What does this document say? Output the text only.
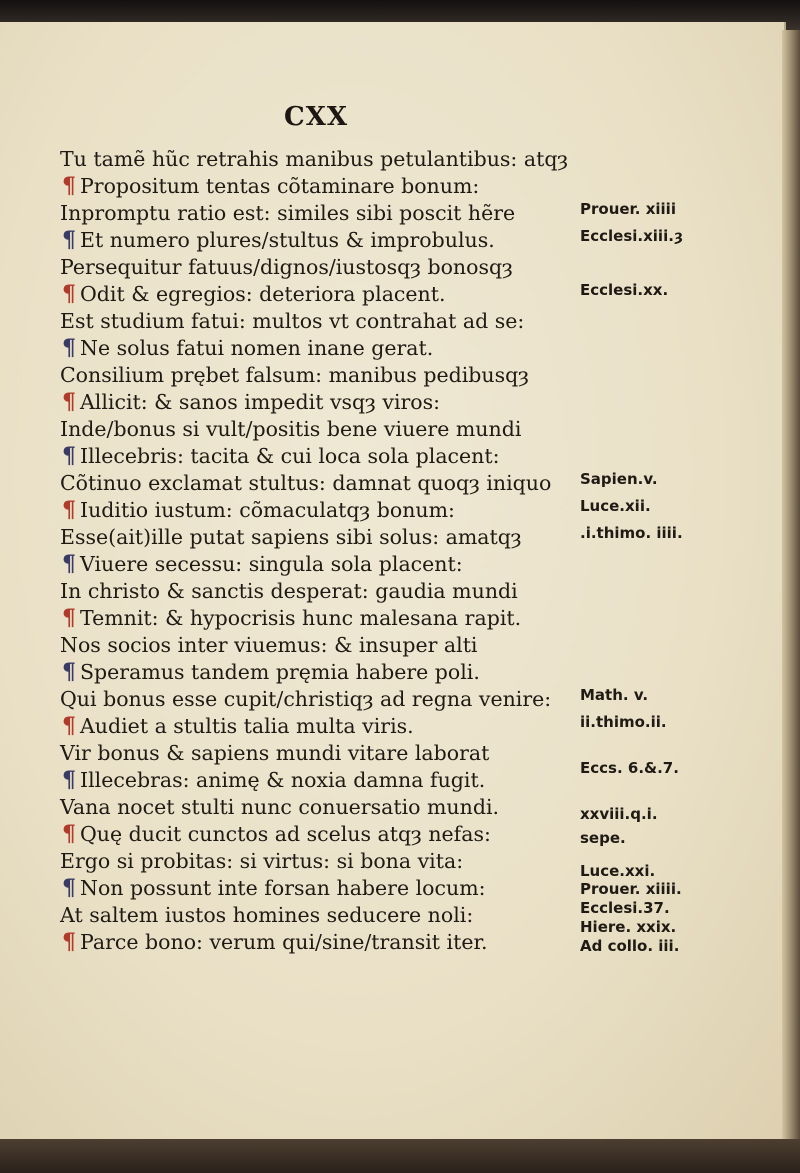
CXX
Tu tamẽ hũc retrahis manibus petulantibus: atqȝ
¶ Propositum tentas cõtaminare bonum:
Inpromptu ratio est: similes sibi poscit hẽre
¶ Et numero plures/stultus & improbulus.
Persequitur fatuus/dignos/iustosqȝ bonosqȝ
¶ Odit & egregios: deteriora placent.
Est studium fatui: multos vt contrahat ad se:
¶ Ne solus fatui nomen inane gerat.
Consilium prębet falsum: manibus pedibusqȝ
¶ Allicit: & sanos impedit vsqȝ viros:
Inde/bonus si vult/positis bene viuere mundi
¶ Illecebris: tacita & cui loca sola placent:
Cõtinuo exclamat stultus: damnat quoqȝ iniquo
¶ Iuditio iustum: cõmaculatqȝ bonum:
Esse(ait)ille putat sapiens sibi solus: amatqȝ
¶ Viuere secessu: singula sola placent:
In christo & sanctis desperat: gaudia mundi
¶ Temnit: & hypocrisis hunc malesana rapit.
Nos socios inter viuemus: & insuper alti
¶ Speramus tandem pręmia habere poli.
Qui bonus esse cupit/christiqȝ ad regna venire:
¶ Audiet a stultis talia multa viris.
Vir bonus & sapiens mundi vitare laborat
¶ Illecebras: animę & noxia damna fugit.
Vana nocet stulti nunc conuersatio mundi.
¶ Quę ducit cunctos ad scelus atqȝ nefas:
Ergo si probitas: si virtus: si bona vita:
¶ Non possunt inte forsan habere locum:
At saltem iustos homines seducere noli:
¶ Parce bono: verum qui/sine/transit iter.
Prouer. xiiii
Ecclesi.xiii.ȝ
Ecclesi.xx.
Sapien.v.
Luce.xii.
.i.thimo. iiii.
Math. v.
ii.thimo.ii.
Eccs. 6.&.7.
xxviii.q.i.
sepe.
Luce.xxi.
Prouer. xiiii.
Ecclesi.37.
Hiere. xxix.
Ad collo. iii.
